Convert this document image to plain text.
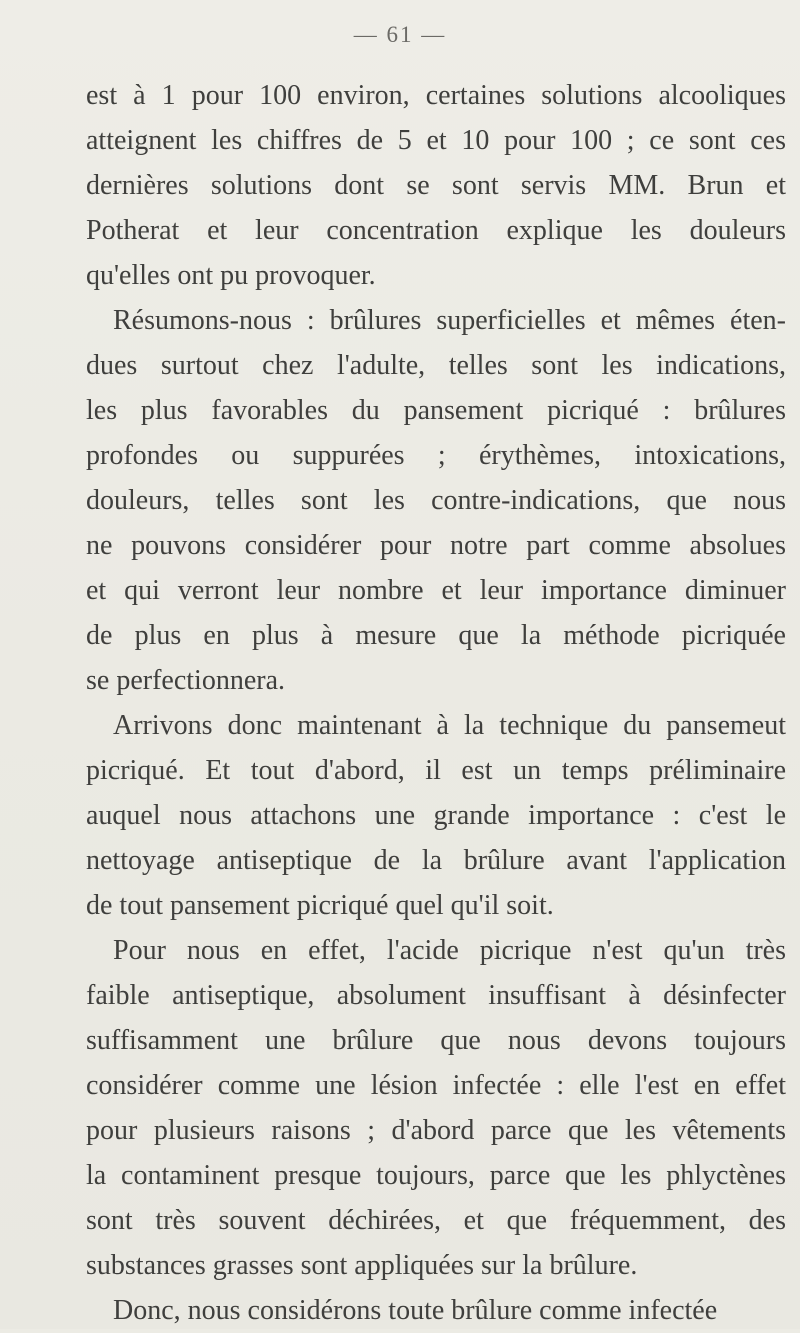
— 61 —
est à 1 pour 100 environ, certaines solutions alcooliques
atteignent les chiffres de 5 et 10 pour 100 ; ce sont ces
dernières solutions dont se sont servis MM. Brun et
Potherat et leur concentration explique les douleurs
qu'elles ont pu provoquer.
Résumons-nous : brûlures superficielles et mêmes éten-
dues surtout chez l'adulte, telles sont les indications,
les plus favorables du pansement picriqué : brûlures
profondes ou suppurées ; érythèmes, intoxications,
douleurs, telles sont les contre-indications, que nous
ne pouvons considérer pour notre part comme absolues
et qui verront leur nombre et leur importance diminuer
de plus en plus à mesure que la méthode picriquée
se perfectionnera.
Arrivons donc maintenant à la technique du pansemeut
picriqué. Et tout d'abord, il est un temps préliminaire
auquel nous attachons une grande importance : c'est le
nettoyage antiseptique de la brûlure avant l'application
de tout pansement picriqué quel qu'il soit.
Pour nous en effet, l'acide picrique n'est qu'un très
faible antiseptique, absolument insuffisant à désinfecter
suffisamment une brûlure que nous devons toujours
considérer comme une lésion infectée : elle l'est en effet
pour plusieurs raisons ; d'abord parce que les vêtements
la contaminent presque toujours, parce que les phlyctènes
sont très souvent déchirées, et que fréquemment, des
substances grasses sont appliquées sur la brûlure.
Donc, nous considérons toute brûlure comme infectée
